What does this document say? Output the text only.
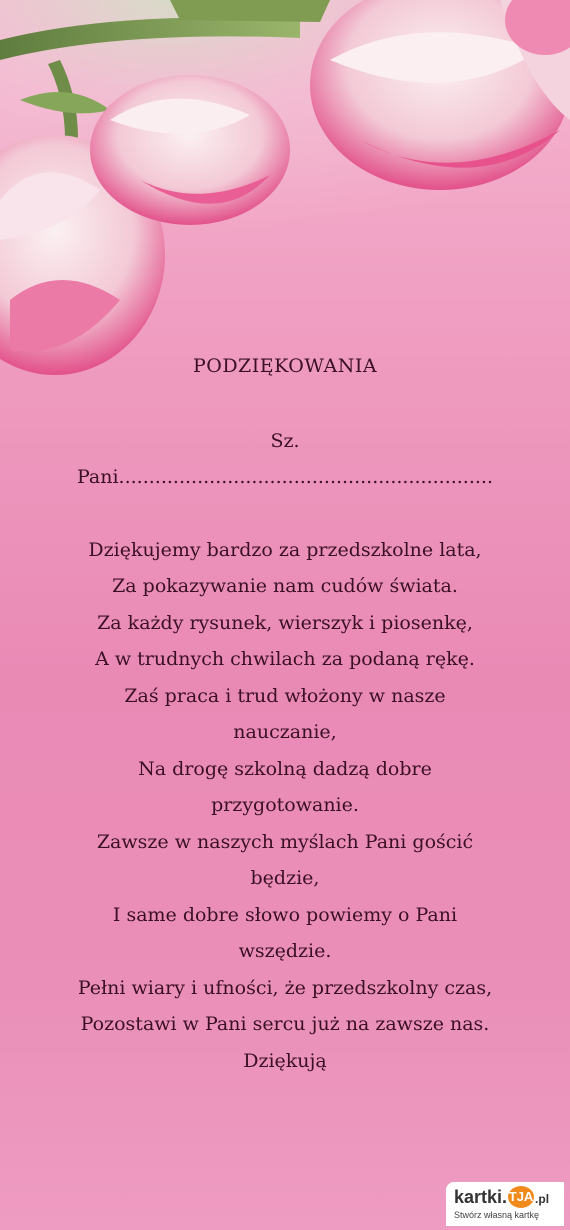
PODZIĘKOWANIA
Sz.
Pani..............................................................
Dziękujemy bardzo za przedszkolne lata,
Za pokazywanie nam cudów świata.
Za każdy rysunek, wierszyk i piosenkę,
A w trudnych chwilach za podaną rękę.
Zaś praca i trud włożony w nasze
nauczanie,
Na drogę szkolną dadzą dobre
przygotowanie.
Zawsze w naszych myślach Pani gościć
będzie,
I same dobre słowo powiemy o Pani
wszędzie.
Pełni wiary i ufności, że przedszkolny czas,
Pozostawi w Pani sercu już na zawsze nas.
Dziękują
kartki. TJA .pl
Stwórz własną kartkę
